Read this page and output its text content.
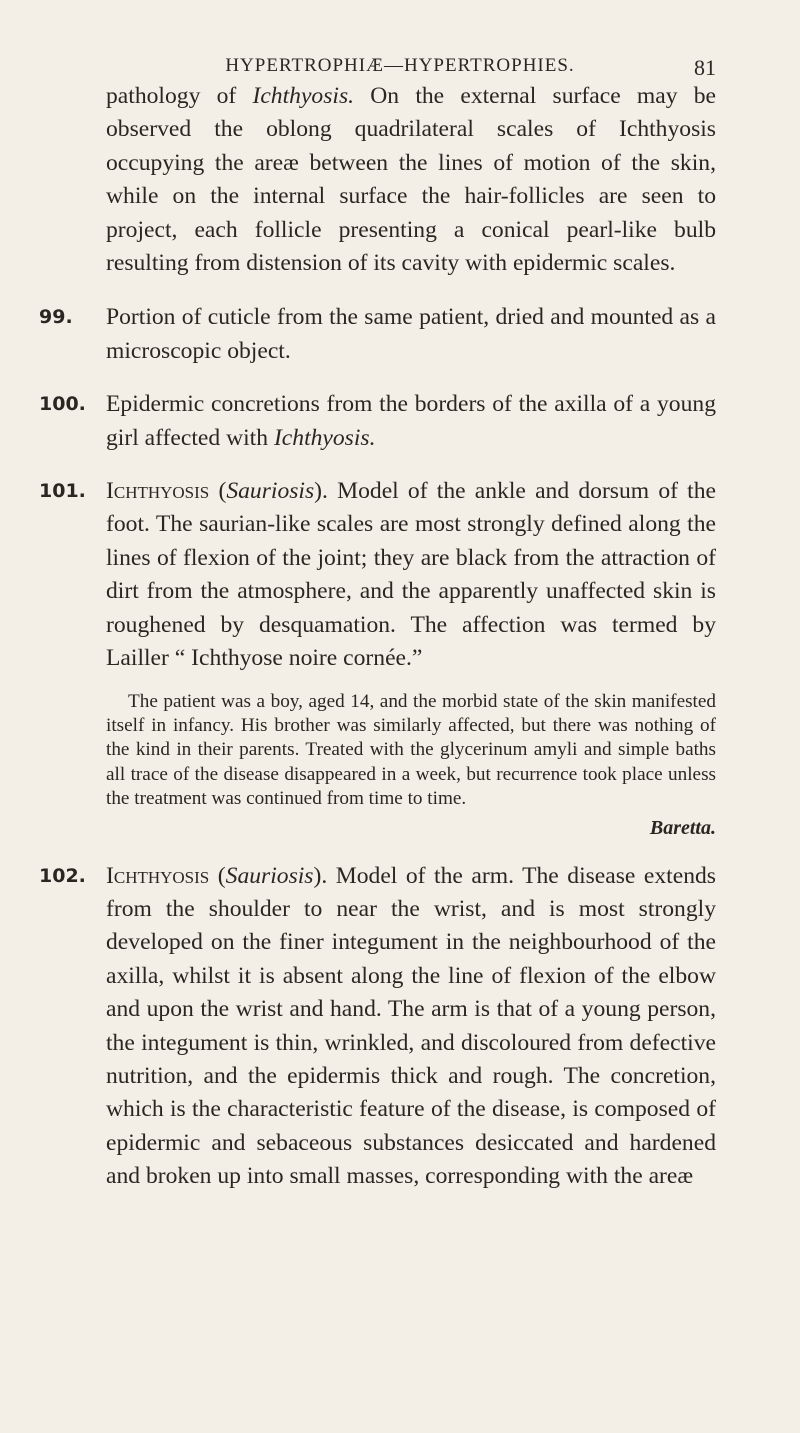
HYPERTROPHIÆ—HYPERTROPHIES.	81

pathology of Ichthyosis. On the external surface may be observed the oblong quadrilateral scales of Ichthyosis occupying the areæ between the lines of motion of the skin, while on the internal surface the hair-follicles are seen to project, each follicle presenting a conical pearl-like bulb resulting from distension of its cavity with epidermic scales.

99. Portion of cuticle from the same patient, dried and mounted as a microscopic object.

100. Epidermic concretions from the borders of the axilla of a young girl affected with Ichthyosis.

101. Ichthyosis (Sauriosis). Model of the ankle and dorsum of the foot. The saurian-like scales are most strongly defined along the lines of flexion of the joint; they are black from the attraction of dirt from the atmosphere, and the apparently unaffected skin is roughened by desquamation. The affection was termed by Lailler “ Ichthyose noire cornée.”

The patient was a boy, aged 14, and the morbid state of the skin manifested itself in infancy. His brother was similarly affected, but there was nothing of the kind in their parents. Treated with the glycerinum amyli and simple baths all trace of the disease disappeared in a week, but recurrence took place unless the treatment was continued from time to time.

Baretta.

102. Ichthyosis (Sauriosis). Model of the arm. The disease extends from the shoulder to near the wrist, and is most strongly developed on the finer integument in the neighbourhood of the axilla, whilst it is absent along the line of flexion of the elbow and upon the wrist and hand. The arm is that of a young person, the integument is thin, wrinkled, and discoloured from defective nutrition, and the epidermis thick and rough. The concretion, which is the characteristic feature of the disease, is composed of epidermic and sebaceous substances desiccated and hardened and broken up into small masses, corresponding with the areæ
